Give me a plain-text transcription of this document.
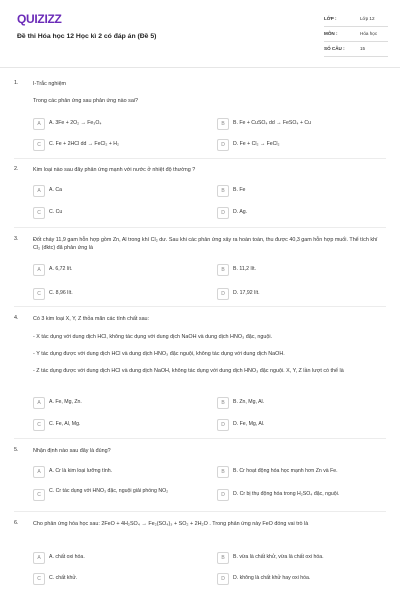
QUIZIZZ
Đề thi Hóa học 12 Học kì 2 có đáp án (Đề 5)
LỚP :	Lớp 12
MÔN :	Hóa học
SỐ CÂU :	15
1.	I-Trắc nghiệm
Trong các phản ứng sau phản ứng nào sai?
A	A. 3Fe + 2O₂ → Fe₃O₄	B	B. Fe + CuSO₄ dd → FeSO₄ + Cu
C	C. Fe + 2HCl dd → FeCl₂ + H₂	D	D. Fe + Cl₂ → FeCl₂
2.	Kim loại nào sau đây phản ứng mạnh với nước ở nhiệt độ thường ?
A	A. Ca	B	B. Fe
C	C. Cu	D	D. Ag.
3.	Đốt cháy 11,9 gam hỗn hợp gồm Zn, Al trong khí Cl₂ dư. Sau khi các phản ứng xảy ra hoàn toàn, thu được 40,3 gam hỗn hợp muối. Thể tích khí Cl₂ (đktc) đã phản ứng là
A	A. 6,72 lít.	B	B. 11,2 lít.
C	C. 8,96 lít.	D	D. 17,92 lít.
4.	Có 3 kim loại X, Y, Z thỏa mãn các tính chất sau:
- X tác dụng với dung dịch HCl, không tác dụng với dung dịch NaOH và dung dịch HNO₃ đặc, nguội.
- Y tác dụng được với dung dịch HCl và dung dịch HNO₃ đặc nguội, không tác dụng với dung dịch NaOH.
- Z tác dụng được với dung dịch HCl và dung dịch NaOH, không tác dụng với dung dịch HNO₃ đặc nguội. X, Y, Z lần lượt có thể là
A	A. Fe, Mg, Zn.	B	B. Zn, Mg, Al.
C	C. Fe, Al, Mg.	D	D. Fe, Mg, Al.
5.	Nhận định nào sau đây là đúng?
A	A. Cr là kim loại lưỡng tính.	B	B. Cr hoạt động hóa học mạnh hơn Zn và Fe.
C
C. Cr tác dụng với HNO₃ đặc, nguội giải phóng NO₂
D	D. Cr bị thụ động hóa trong H₂SO₄ đặc, nguội.
6.	Cho phản ứng hóa học sau: 2FeO + 4H₂SO₄ → Fe₂(SO₄)₃ + SO₂ + 2H₂O . Trong phản ứng này FeO đóng vai trò là
A	A. chất oxi hóa.	B	B. vừa là chất khử, vừa là chất oxi hóa.
C	C. chất khử.	D	D. không là chất khử hay oxi hóa.
